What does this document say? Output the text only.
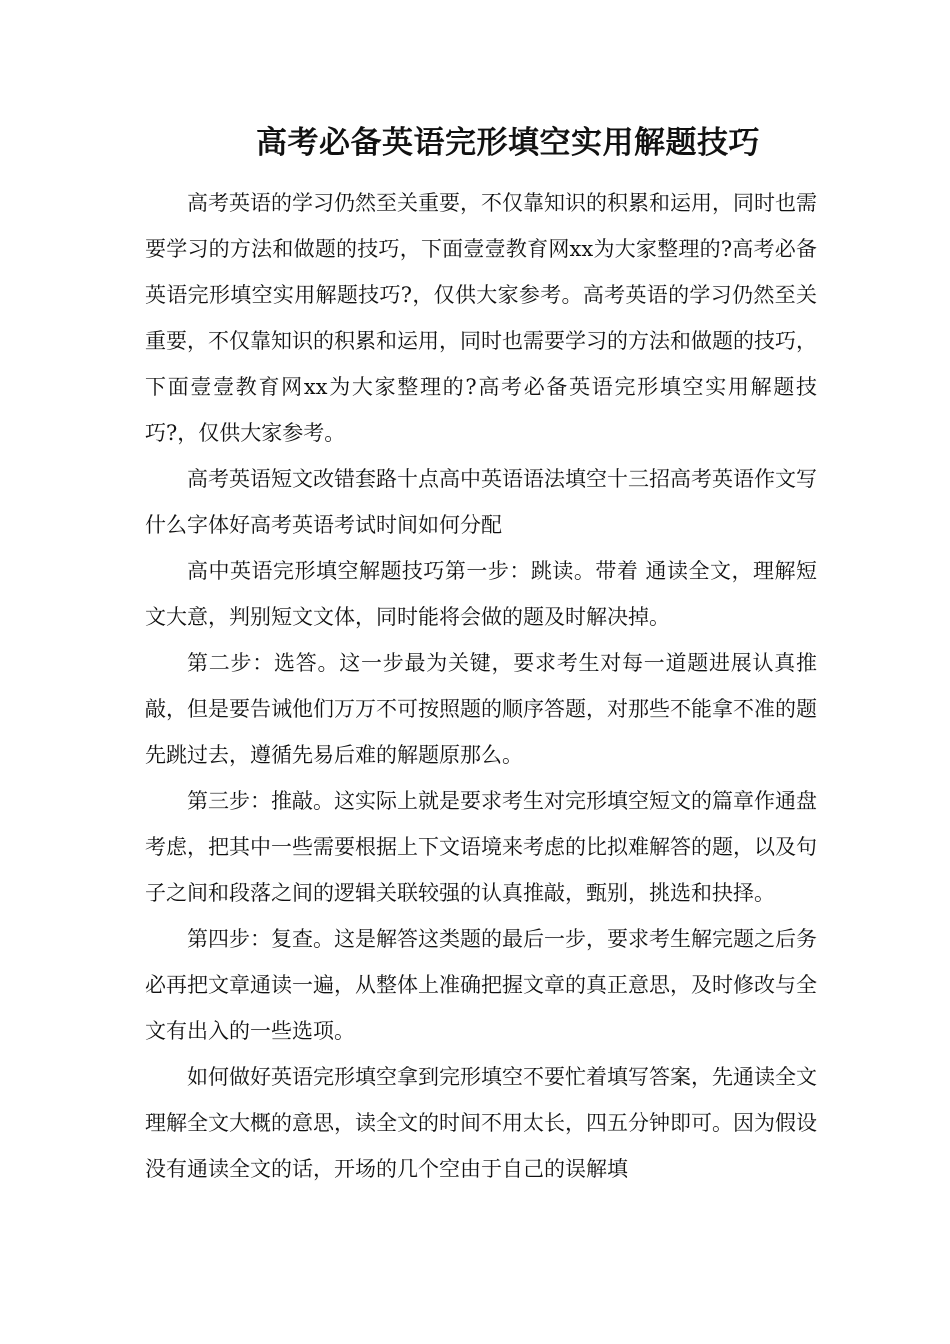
高考必备英语完形填空实用解题技巧

高考英语的学习仍然至关重要，不仅靠知识的积累和运用，同时也需要学习的方法和做题的技巧，下面壹壹教育网xx为大家整理的?高考必备英语完形填空实用解题技巧?，仅供大家参考。高考英语的学习仍然至关重要，不仅靠知识的积累和运用，同时也需要学习的方法和做题的技巧，下面壹壹教育网xx为大家整理的?高考必备英语完形填空实用解题技巧?，仅供大家参考。

高考英语短文改错套路十点高中英语语法填空十三招高考英语作文写什么字体好高考英语考试时间如何分配

高中英语完形填空解题技巧第一步：跳读。带着 通读全文，理解短文大意，判别短文文体，同时能将会做的题及时解决掉。

第二步：选答。这一步最为关键，要求考生对每一道题进展认真推敲，但是要告诫他们万万不可按照题的顺序答题，对那些不能拿不准的题先跳过去，遵循先易后难的解题原那么。

第三步：推敲。这实际上就是要求考生对完形填空短文的篇章作通盘考虑，把其中一些需要根据上下文语境来考虑的比拟难解答的题，以及句子之间和段落之间的逻辑关联较强的认真推敲，甄别，挑选和抉择。

第四步：复查。这是解答这类题的最后一步，要求考生解完题之后务必再把文章通读一遍，从整体上准确把握文章的真正意思，及时修改与全文有出入的一些选项。

如何做好英语完形填空拿到完形填空不要忙着填写答案，先通读全文理解全文大概的意思，读全文的时间不用太长，四五分钟即可。因为假设没有通读全文的话，开场的几个空由于自己的误解填
